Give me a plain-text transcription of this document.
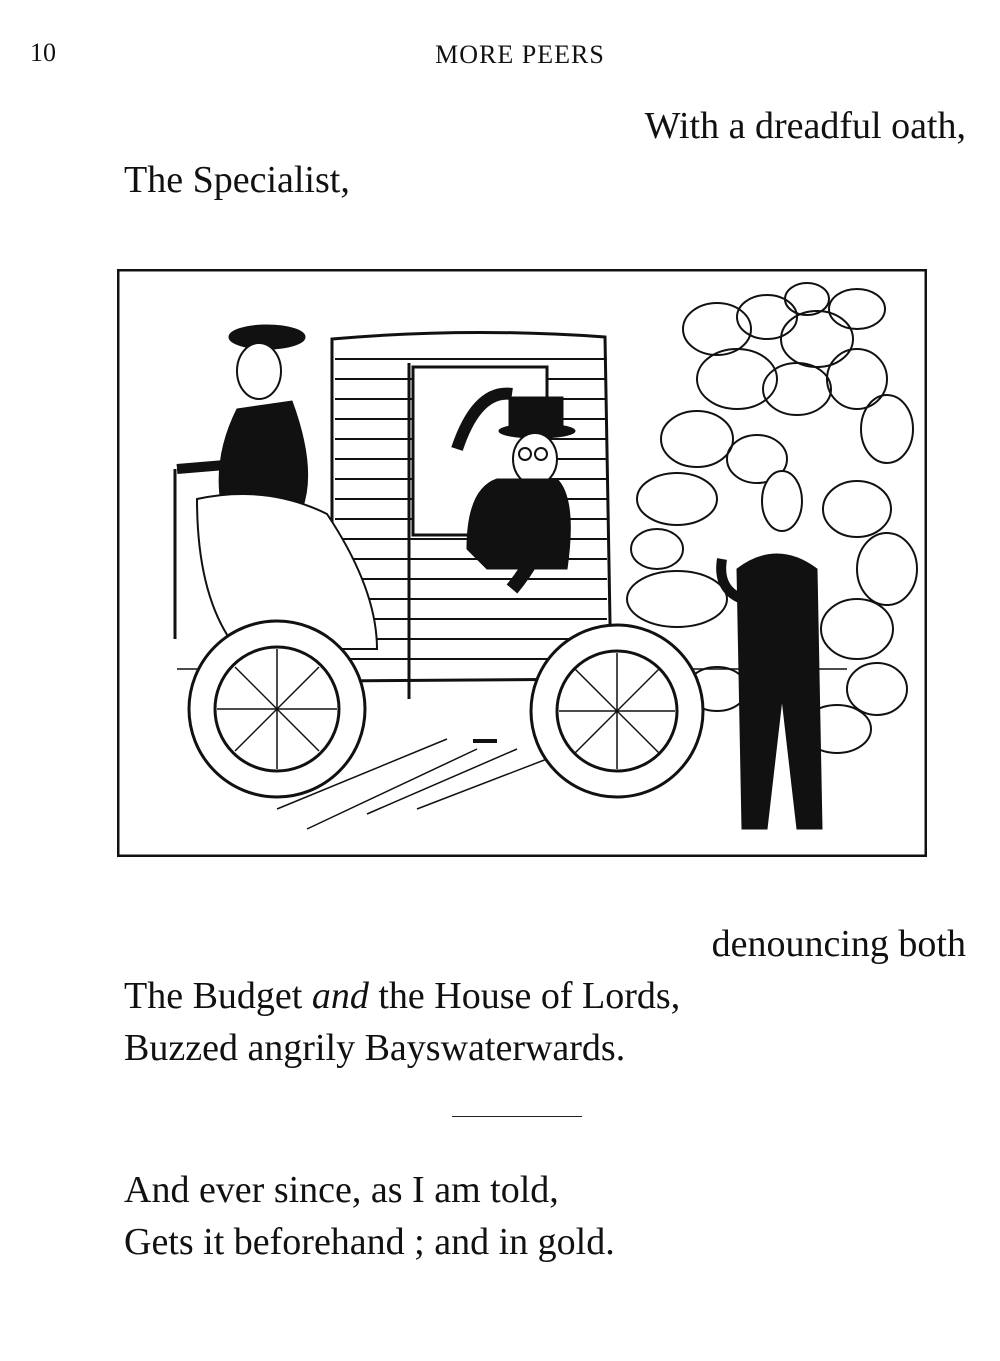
10	MORE PEERS
With a dreadful oath,
The Specialist,
denouncing both
The Budget and the House of Lords,
Buzzed angrily Bayswaterwards.
And ever since, as I am told,
Gets it beforehand ; and in gold.
